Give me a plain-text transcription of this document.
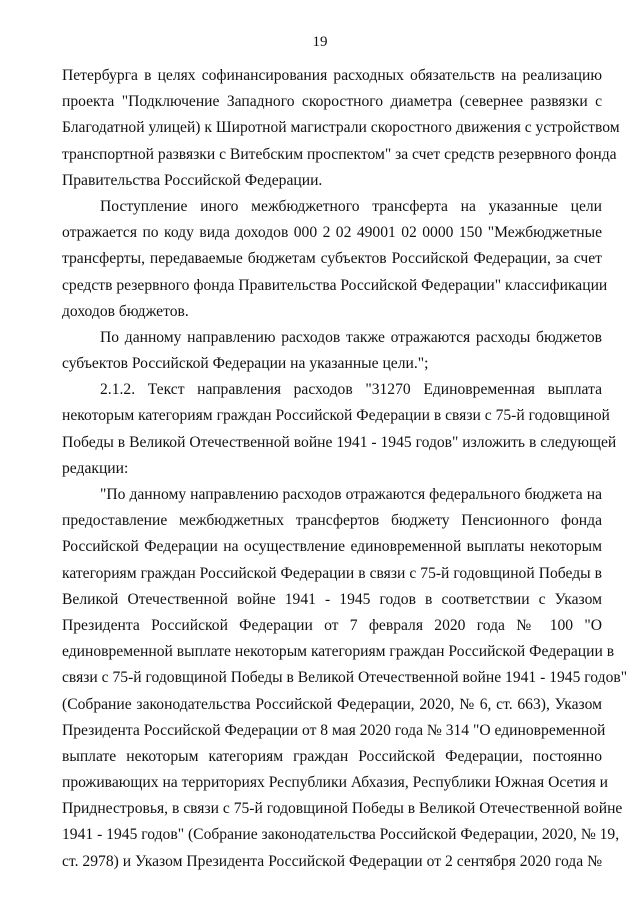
19
Петербурга в целях софинансирования расходных обязательств на реализацию
проекта "Подключение Западного скоростного диаметра (севернее развязки с
Благодатной улицей) к Широтной магистрали скоростного движения с устройством
транспортной развязки с Витебским проспектом" за счет средств резервного фонда
Правительства Российской Федерации.
Поступление иного межбюджетного трансферта на указанные цели
отражается по коду вида доходов 000 2 02 49001 02 0000 150 "Межбюджетные
трансферты, передаваемые бюджетам субъектов Российской Федерации, за счет
средств резервного фонда Правительства Российской Федерации" классификации
доходов бюджетов.
По данному направлению расходов также отражаются расходы бюджетов
субъектов Российской Федерации на указанные цели.";
2.1.2. Текст направления расходов "31270 Единовременная выплата
некоторым категориям граждан Российской Федерации в связи с 75-й годовщиной
Победы в Великой Отечественной войне 1941 - 1945 годов" изложить в следующей
редакции:
"По данному направлению расходов отражаются федерального бюджета на
предоставление межбюджетных трансфертов бюджету Пенсионного фонда
Российской Федерации на осуществление единовременной выплаты некоторым
категориям граждан Российской Федерации в связи с 75-й годовщиной Победы в
Великой Отечественной войне 1941 - 1945 годов в соответствии с Указом
Президента Российской Федерации от 7 февраля 2020 года № 100 "О
единовременной выплате некоторым категориям граждан Российской Федерации в
связи с 75-й годовщиной Победы в Великой Отечественной войне 1941 - 1945 годов"
(Собрание законодательства Российской Федерации, 2020, № 6, ст. 663), Указом
Президента Российской Федерации от 8 мая 2020 года № 314 "О единовременной
выплате некоторым категориям граждан Российской Федерации, постоянно
проживающих на территориях Республики Абхазия, Республики Южная Осетия и
Приднестровья, в связи с 75-й годовщиной Победы в Великой Отечественной войне
1941 - 1945 годов" (Собрание законодательства Российской Федерации, 2020, № 19,
ст. 2978) и Указом Президента Российской Федерации от 2 сентября 2020 года №
